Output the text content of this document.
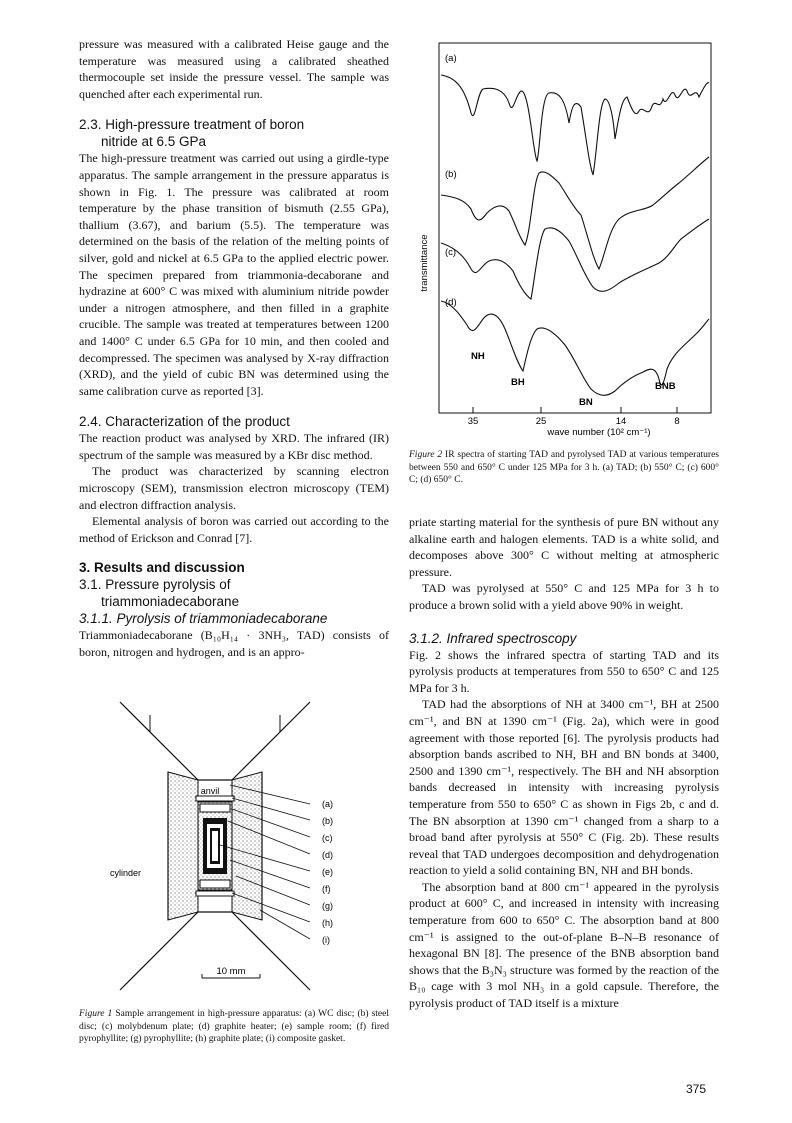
pressure was measured with a calibrated Heise gauge and the temperature was measured using a calibrated sheathed thermocouple set inside the pressure vessel. The sample was quenched after each experimental run.

2.3. High-pressure treatment of boron
nitride at 6.5 GPa

The high-pressure treatment was carried out using a girdle-type apparatus. The sample arrangement in the pressure apparatus is shown in Fig. 1. The pressure was calibrated at room temperature by the phase transition of bismuth (2.55 GPa), thallium (3.67), and barium (5.5). The temperature was determined on the basis of the relation of the melting points of silver, gold and nickel at 6.5 GPa to the applied electric power. The specimen prepared from triammonia-decaborane and hydrazine at 600° C was mixed with aluminium nitride powder under a nitrogen atmosphere, and then filled in a graphite crucible. The sample was treated at temperatures between 1200 and 1400° C under 6.5 GPa for 10 min, and then cooled and decompressed. The specimen was analysed by X-ray diffraction (XRD), and the yield of cubic BN was determined using the same calibration curve as reported [3].

2.4. Characterization of the product

The reaction product was analysed by XRD. The infrared (IR) spectrum of the sample was measured by a KBr disc method.

The product was characterized by scanning electron microscopy (SEM), transmission electron microscopy (TEM) and electron diffraction analysis.

Elemental analysis of boron was carried out according to the method of Erickson and Conrad [7].

3. Results and discussion
3.1. Pressure pyrolysis of
triammoniadecaborane
3.1.1. Pyrolysis of triammoniadecaborane

Triammoniadecaborane (B₁₀H₁₄ · 3NH₃, TAD) consists of boron, nitrogen and hydrogen, and is an appro-

anvil
cylinder
(a)
(b)
(c)
(d)
(e)
(f)
(g)
(h)
(i)
10 mm

Figure 1 Sample arrangement in high-pressure apparatus: (a) WC disc; (b) steel disc; (c) molybdenum plate; (d) graphite heater; (e) sample room; (f) fired pyrophyllite; (g) pyrophyllite; (h) graphite plate; (i) composite gasket.

transmittance
35	25	14	8
wave number (10² cm⁻¹)
(a)
(b)
(c)
(d)
NH
BH
BN
BNB

Figure 2 IR spectra of starting TAD and pyrolysed TAD at various temperatures between 550 and 650° C under 125 MPa for 3 h. (a) TAD; (b) 550° C; (c) 600° C; (d) 650° C.

priate starting material for the synthesis of pure BN without any alkaline earth and halogen elements. TAD is a white solid, and decomposes above 300° C without melting at atmospheric pressure.

TAD was pyrolysed at 550° C and 125 MPa for 3 h to produce a brown solid with a yield above 90% in weight.

3.1.2. Infrared spectroscopy

Fig. 2 shows the infrared spectra of starting TAD and its pyrolysis products at temperatures from 550 to 650° C and 125 MPa for 3 h.

TAD had the absorptions of NH at 3400 cm⁻¹, BH at 2500 cm⁻¹, and BN at 1390 cm⁻¹ (Fig. 2a), which were in good agreement with those reported [6]. The pyrolysis products had absorption bands ascribed to NH, BH and BN bonds at 3400, 2500 and 1390 cm⁻¹, respectively. The BH and NH absorption bands decreased in intensity with increasing pyrolysis temperature from 550 to 650° C as shown in Figs 2b, c and d. The BN absorption at 1390 cm⁻¹ changed from a sharp to a broad band after pyrolysis at 550° C (Fig. 2b). These results reveal that TAD undergoes decomposition and dehydrogenation reaction to yield a solid containing BN, NH and BH bonds.

The absorption band at 800 cm⁻¹ appeared in the pyrolysis product at 600° C, and increased in intensity with increasing temperature from 600 to 650° C. The absorption band at 800 cm⁻¹ is assigned to the out-of-plane B–N–B resonance of hexagonal BN [8]. The presence of the BNB absorption band shows that the B₃N₃ structure was formed by the reaction of the B₁₀ cage with 3 mol NH₃ in a gold capsule. Therefore, the pyrolysis product of TAD itself is a mixture

375
